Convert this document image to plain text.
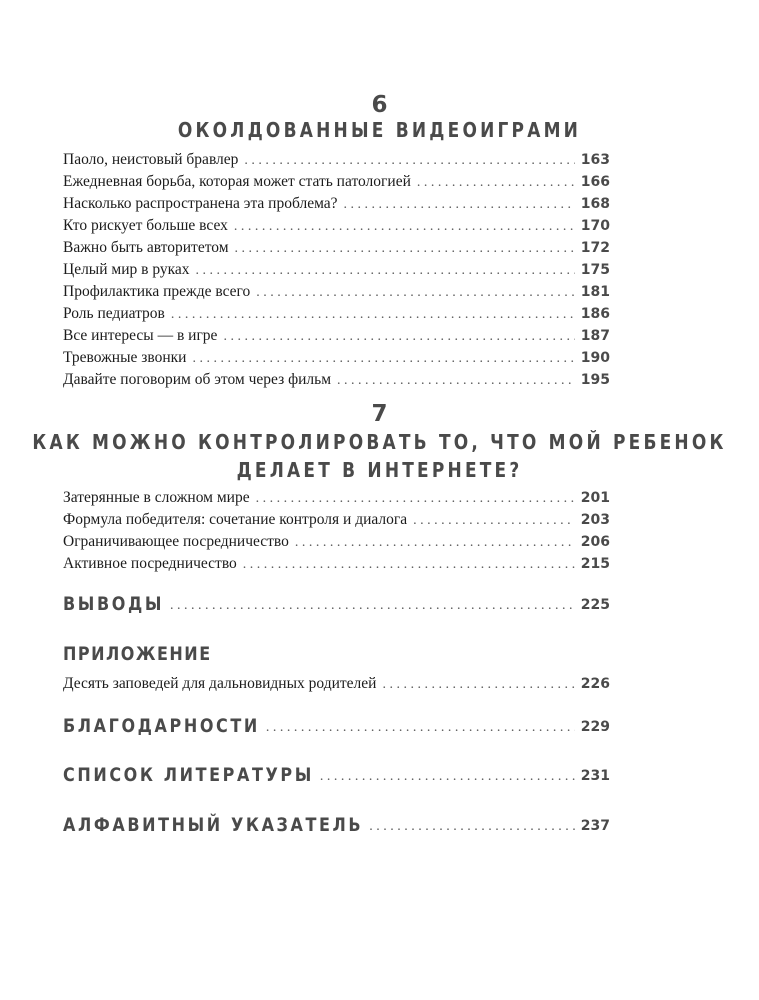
6
ОКОЛДОВАННЫЕ ВИДЕОИГРАМИ
Паоло, неистовый бравлер . . .	163
Ежедневная борьба, которая может стать патологией . . .	166
Насколько распространена эта проблема? . . .	168
Кто рискует больше всех . . .	170
Важно быть авторитетом . . .	172
Целый мир в руках . . .	175
Профилактика прежде всего . . .	181
Роль педиатров . . .	186
Все интересы — в игре . . .	187
Тревожные звонки . . .	190
Давайте поговорим об этом через фильм . . .	195
7
КАК МОЖНО КОНТРОЛИРОВАТЬ ТО, ЧТО МОЙ РЕБЕНОК
ДЕЛАЕТ В ИНТЕРНЕТЕ?
Затерянные в сложном мире . . .	201
Формула победителя: сочетание контроля и диалога . . .	203
Ограничивающее посредничество . . .	206
Активное посредничество . . .	215
ВЫВОДЫ . . .	225
ПРИЛОЖЕНИЕ
Десять заповедей для дальновидных родителей . . .	226
БЛАГОДАРНОСТИ . . .	229
СПИСОК ЛИТЕРАТУРЫ . . .	231
АЛФАВИТНЫЙ УКАЗАТЕЛЬ . . .	237
